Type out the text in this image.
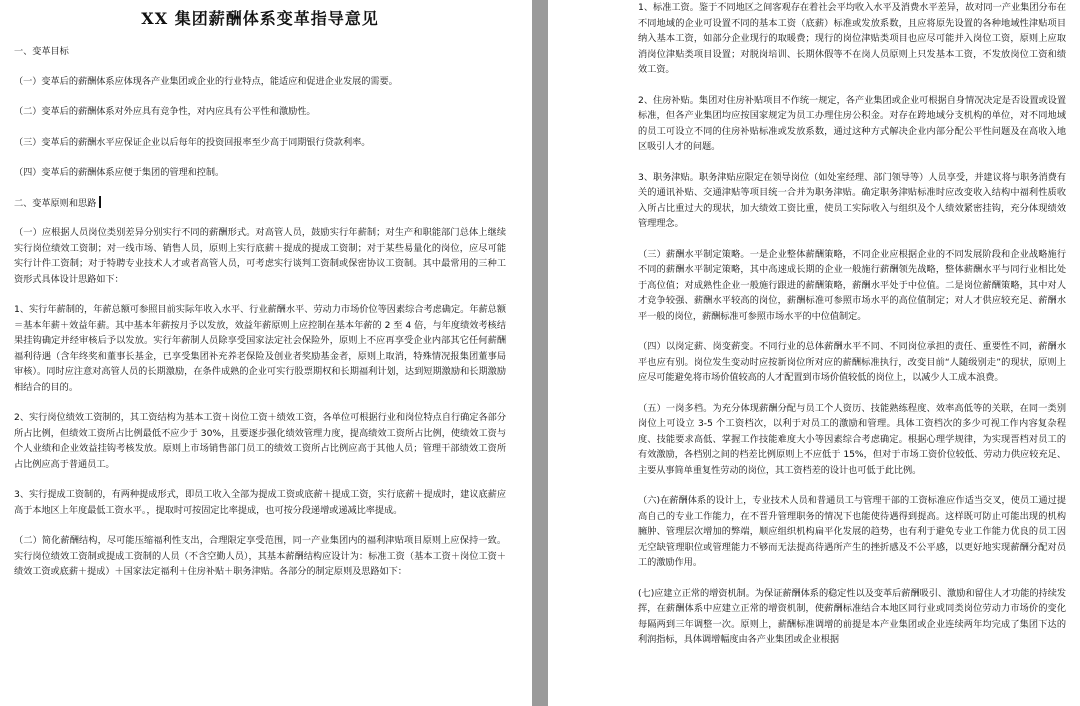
XX 集团薪酬体系变革指导意见

一、变革目标

（一）变革后的薪酬体系应体现各产业集团或企业的行业特点，能适应和促进企业发展的需要。

（二）变革后的薪酬体系对外应具有竞争性，对内应具有公平性和激励性。

（三）变革后的薪酬水平应保证企业以后每年的投资回报率至少高于同期银行贷款利率。

（四）变革后的薪酬体系应便于集团的管理和控制。

二、变革原则和思路

（一）应根据人员岗位类别差异分别实行不同的薪酬形式。对高管人员，鼓励实行年薪制；对生产和职能部门总体上继续实行岗位绩效工资制；对一线市场、销售人员，原则上实行底薪＋提成的提成工资制；对于某些易量化的岗位，应尽可能实行计件工资制；对于特聘专业技术人才或者高管人员，可考虑实行谈判工资制或保密协议工资制。其中最常用的三种工资形式具体设计思路如下：

1、实行年薪制的，年薪总额可参照目前实际年收入水平、行业薪酬水平、劳动力市场价位等因素综合考虑确定。年薪总额＝基本年薪＋效益年薪。其中基本年薪按月予以发放，效益年薪原则上应控制在基本年薪的 2 至 4 倍，与年度绩效考核结果挂钩确定并经审核后予以发放。实行年薪制人员除享受国家法定社会保险外，原则上不应再享受企业内部其它任何薪酬福利待遇（含年终奖和董事长基金，已享受集团补充养老保险及创业者奖励基金者，原则上取消，特殊情况报集团董事局审核）。同时应注意对高管人员的长期激励，在条件成熟的企业可实行股票期权和长期福利计划，达到短期激励和长期激励相结合的目的。

2、实行岗位绩效工资制的，其工资结构为基本工资＋岗位工资＋绩效工资，各单位可根据行业和岗位特点自行确定各部分所占比例，但绩效工资所占比例最低不应少于 30%，且要逐步强化绩效管理力度，提高绩效工资所占比例，使绩效工资与个人业绩和企业效益挂钩考核发放。原则上市场销售部门员工的绩效工资所占比例应高于其他人员；管理干部绩效工资所占比例应高于普通员工。

3、实行提成工资制的，有两种提成形式，即员工收入全部为提成工资或底薪＋提成工资，实行底薪＋提成时，建议底薪应高于本地区上年度最低工资水平。，提取时可按固定比率提成，也可按分段递增或递减比率提成。

（二）简化薪酬结构，尽可能压缩福利性支出，合理限定享受范围，同一产业集团内的福利津贴项目原则上应保持一致。实行岗位绩效工资制或提成工资制的人员（不含空勤人员），其基本薪酬结构应设计为：标准工资（基本工资＋岗位工资＋绩效工资或底薪＋提成）＋国家法定福利＋住房补贴＋职务津贴。各部分的制定原则及思路如下：

1、标准工资。鉴于不同地区之间客观存在着社会平均收入水平及消费水平差异，故对同一产业集团分布在不同地域的企业可设置不同的基本工资（底薪）标准或发放系数，且应将原先设置的各种地域性津贴项目纳入基本工资，如部分企业现行的取暖费；现行的岗位津贴类项目也应尽可能并入岗位工资，原则上应取消岗位津贴类项目设置；对脱岗培训、长期休假等不在岗人员原则上只发基本工资，不发放岗位工资和绩效工资。

2、住房补贴。集团对住房补贴项目不作统一规定，各产业集团或企业可根据自身情况决定是否设置或设置标准，但各产业集团均应按国家规定为员工办理住房公积金。对存在跨地域分支机构的单位，对不同地域的员工可设立不同的住房补贴标准或发放系数，通过这种方式解决企业内部分配公平性问题及在高收入地区吸引人才的问题。

3、职务津贴。职务津贴应限定在领导岗位（如处室经理、部门领导等）人员享受，并建议将与职务消费有关的通讯补贴、交通津贴等项目统一合并为职务津贴。确定职务津贴标准时应改变收入结构中福利性质收入所占比重过大的现状，加大绩效工资比重，使员工实际收入与组织及个人绩效紧密挂钩，充分体现绩效管理理念。

（三）薪酬水平制定策略。一是企业整体薪酬策略，不同企业应根据企业的不同发展阶段和企业战略施行不同的薪酬水平制定策略，其中高速成长期的企业一般施行薪酬领先战略，整体薪酬水平与同行业相比处于高位值；对成熟性企业一般施行跟进的薪酬策略，薪酬水平处于中位值。二是岗位薪酬策略，其中对人才竞争较强、薪酬水平较高的岗位，薪酬标准可参照市场水平的高位值制定；对人才供应较充足、薪酬水平一般的岗位，薪酬标准可参照市场水平的中位值制定。

（四）以岗定薪、岗变薪变。不同行业的总体薪酬水平不同、不同岗位承担的责任、重要性不同，薪酬水平也应有别。岗位发生变动时应按新岗位所对应的薪酬标准执行，改变目前“人随级别走”的现状，原则上应尽可能避免将市场价值较高的人才配置到市场价值较低的岗位上，以减少人工成本浪费。

（五）一岗多档。为充分体现薪酬分配与员工个人资历、技能熟练程度、效率高低等的关联，在同一类别岗位上可设立 3-5 个工资档次，以利于对员工的激励和管理。具体工资档次的多少可视工作内容复杂程度、技能要求高低、掌握工作技能难度大小等因素综合考虑确定。根据心理学规律，为实现晋档对员工的有效激励，各档别之间的档差比例原则上不应低于 15%，但对于市场工资价位较低、劳动力供应较充足、主要从事简单重复性劳动的岗位，其工资档差的设计也可低于此比例。

（六)在薪酬体系的设计上，专业技术人员和普通员工与管理干部的工资标准应作适当交叉，使员工通过提高自己的专业工作能力，在不晋升管理职务的情况下也能使待遇得到提高。这样既可防止可能出现的机构臃肿、管理层次增加的弊端，顺应组织机构扁平化发展的趋势，也有利于避免专业工作能力优良的员工因无空缺管理职位或管理能力不够而无法提高待遇所产生的挫折感及不公平感，以更好地实现薪酬分配对员工的激励作用。

(七)应建立正常的增资机制。为保证薪酬体系的稳定性以及变革后薪酬吸引、激励和留住人才功能的持续发挥，在薪酬体系中应建立正常的增资机制，使薪酬标准结合本地区同行业或同类岗位劳动力市场价的变化每隔两到三年调整一次。原则上，薪酬标准调增的前提是本产业集团或企业连续两年均完成了集团下达的利润指标，具体调增幅度由各产业集团或企业根据
